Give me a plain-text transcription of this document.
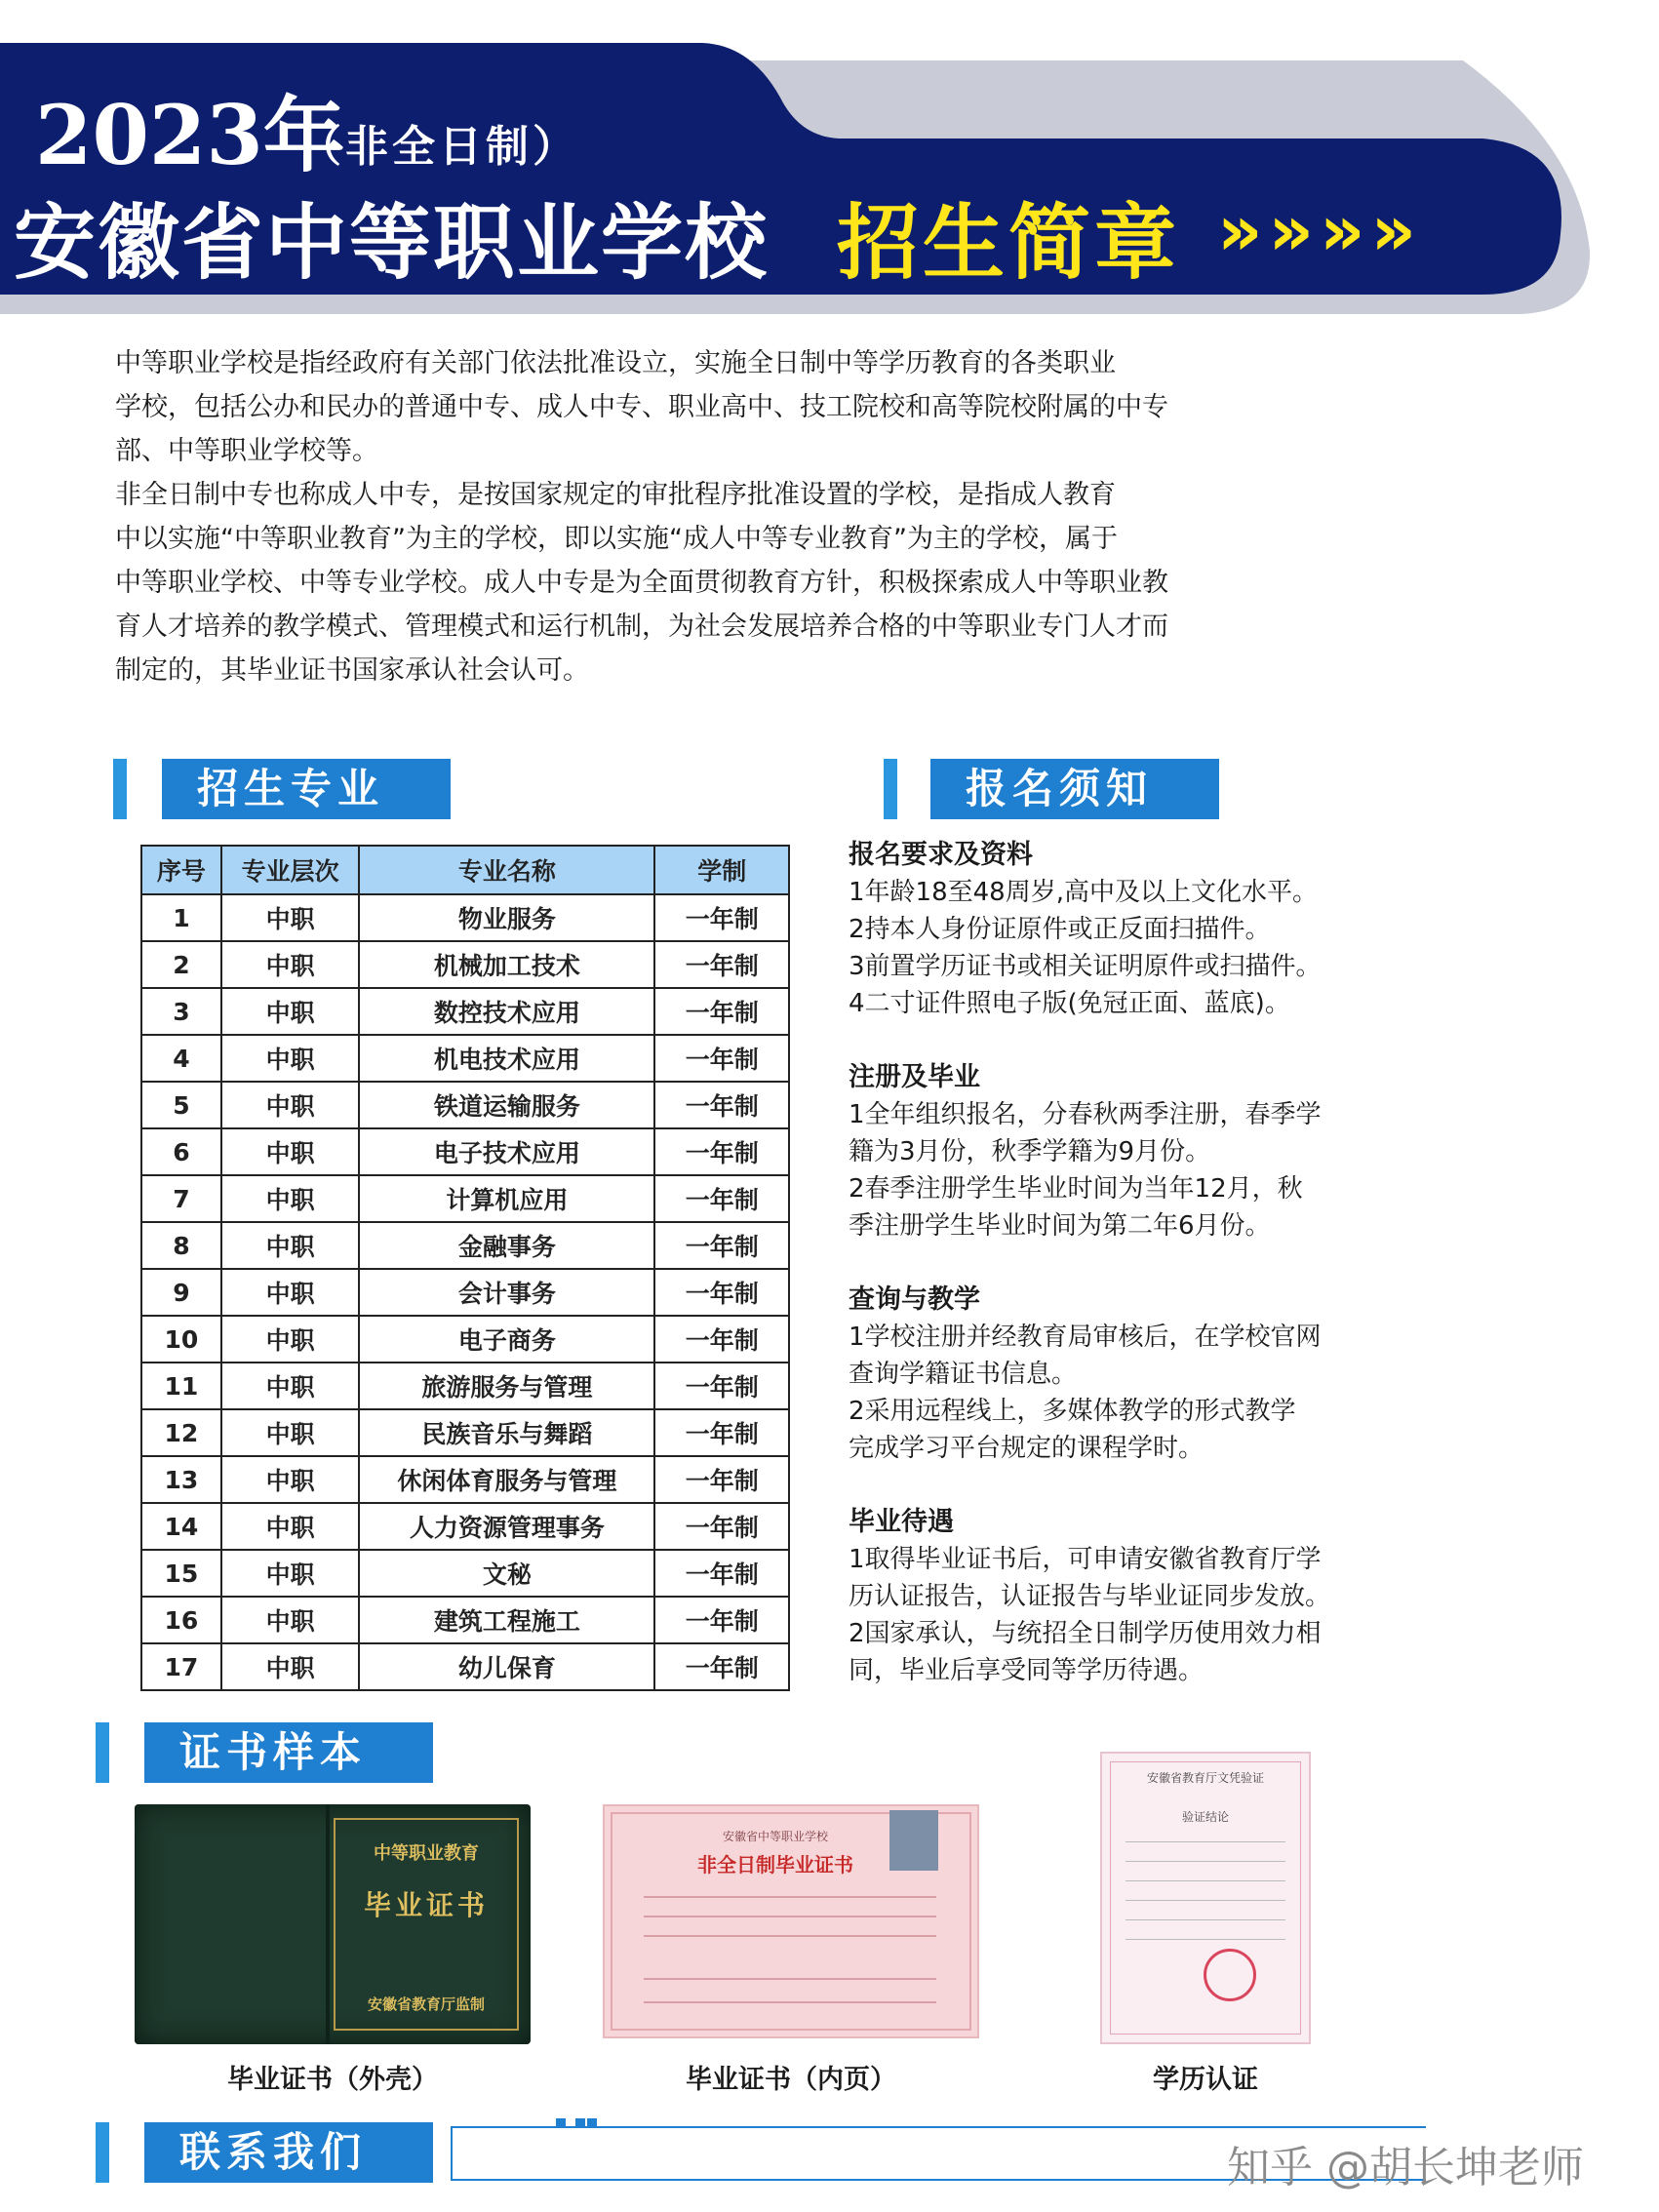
2023年
（非全日制）
安徽省中等职业学校 招生简章 »»»»

中等职业学校是指经政府有关部门依法批准设立，实施全日制中等学历教育的各类职业

学校，包括公办和民办的普通中专、成人中专、职业高中、技工院校和高等院校附属的中专

部、中等职业学校等。

非全日制中专也称成人中专，是按国家规定的审批程序批准设置的学校，是指成人教育

中以实施“中等职业教育”为主的学校，即以实施“成人中等专业教育”为主的学校，属于

中等职业学校、中等专业学校。成人中专是为全面贯彻教育方针，积极探索成人中等职业教

育人才培养的教学模式、管理模式和运行机制，为社会发展培养合格的中等职业专门人才而

制定的，其毕业证书国家承认社会认可。

招生专业	报名须知
证书样本
联系我们
序号	专业层次	专业名称	学制
1	中职	物业服务	一年制
2	中职	机械加工技术	一年制
3	中职	数控技术应用	一年制
4	中职	机电技术应用	一年制
5	中职	铁道运输服务	一年制
6	中职	电子技术应用	一年制
7	中职	计算机应用	一年制
8	中职	金融事务	一年制
9	中职	会计事务	一年制
10	中职	电子商务	一年制
11	中职	旅游服务与管理	一年制
12	中职	民族音乐与舞蹈	一年制
13	中职	休闲体育服务与管理	一年制
14	中职	人力资源管理事务	一年制
15	中职	文秘	一年制
16	中职	建筑工程施工	一年制
17	中职	幼儿保育	一年制
报名要求及资料

1年龄18至48周岁,高中及以上文化水平。

2持本人身份证原件或正反面扫描件。

3前置学历证书或相关证明原件或扫描件。

4二寸证件照电子版(免冠正面、蓝底)。

注册及毕业

1全年组织报名，分春秋两季注册，春季学

籍为3月份，秋季学籍为9月份。

2春季注册学生毕业时间为当年12月，秋

季注册学生毕业时间为第二年6月份。

查询与教学

1学校注册并经教育局审核后，在学校官网

查询学籍证书信息。

2采用远程线上，多媒体教学的形式教学

完成学习平台规定的课程学时。

毕业待遇

1取得毕业证书后，可申请安徽省教育厅学

历认证报告，认证报告与毕业证同步发放。

2国家承认，与统招全日制学历使用效力相

同，毕业后享受同等学历待遇。

中等职业教育
毕业证书
安徽省教育厅监制
毕业证书（外壳）
安徽省中等职业学校
非全日制毕业证书
毕业证书（内页）
安徽省教育厅文凭验证
验证结论
学历认证
知乎 @胡长坤老师
